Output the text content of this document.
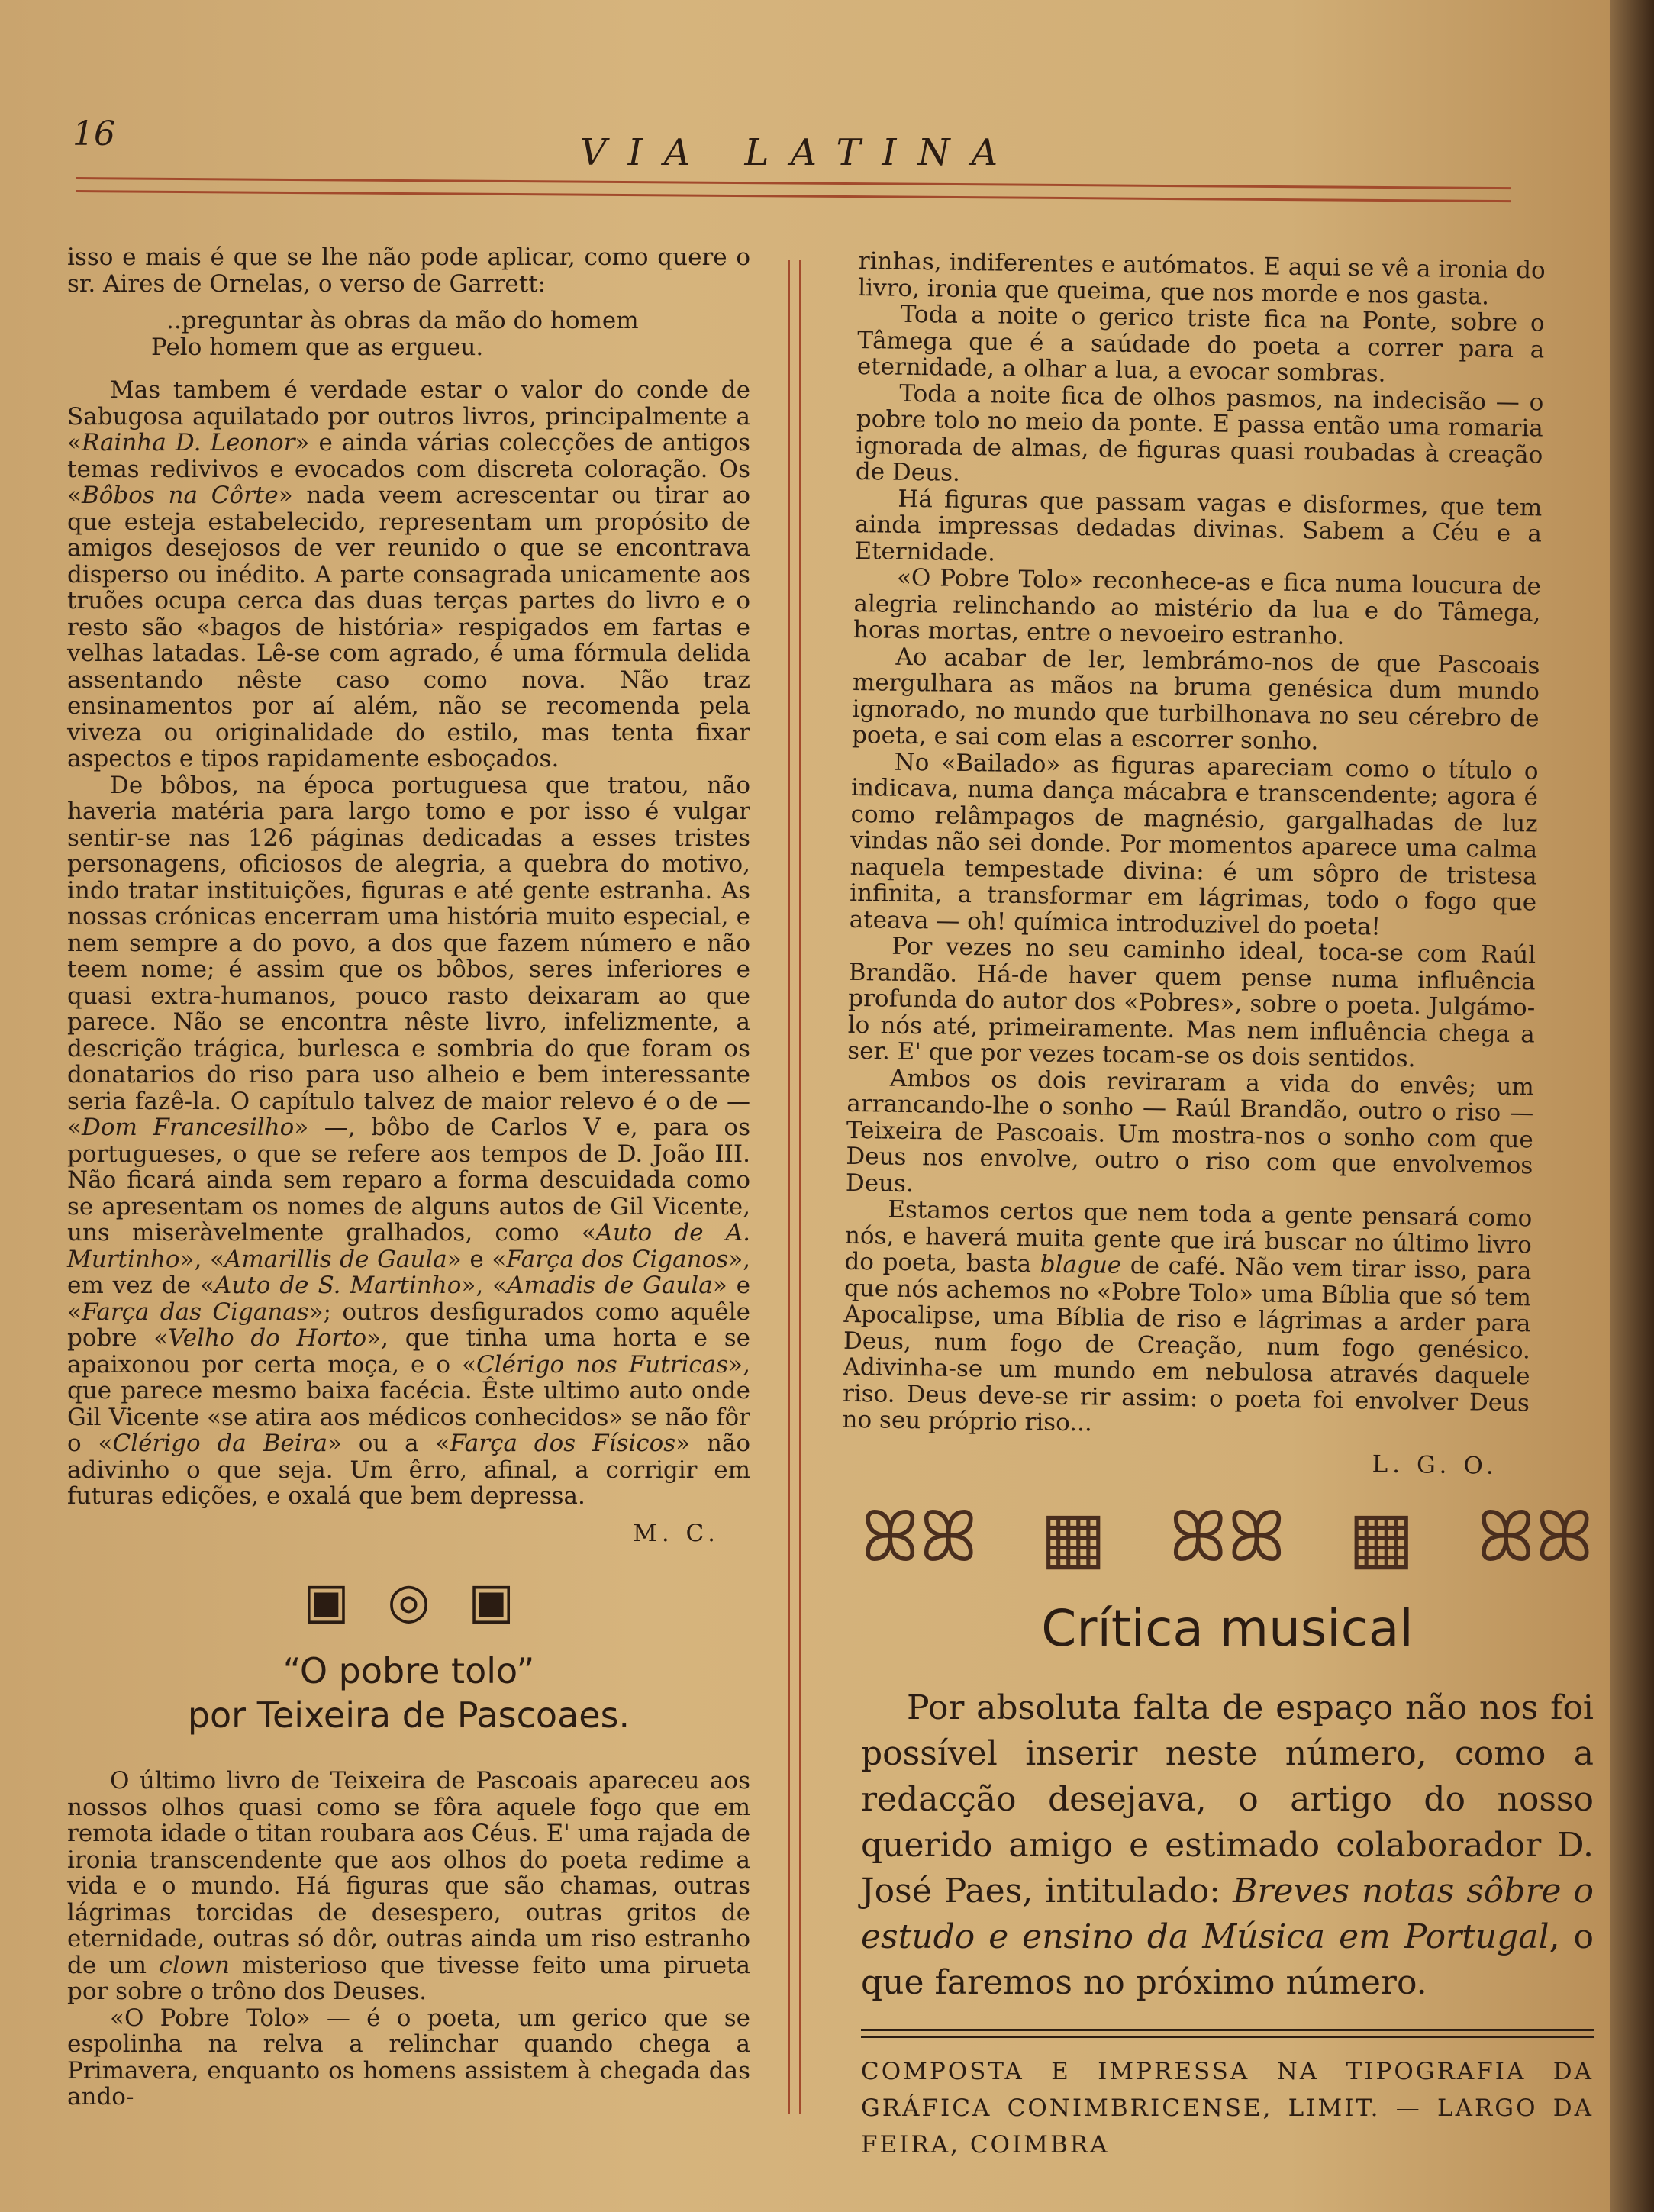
16	VIA LATINA

isso e mais é que se lhe não pode aplicar, como quere o sr. Aires de Ornelas, o verso de Garrett:

..preguntar às obras da mão do homem
Pelo homem que as ergueu.

Mas tambem é verdade estar o valor do conde de Sabugosa aquilatado por outros livros, principalmente a «Rainha D. Leonor» e ainda várias colecções de antigos temas redivivos e evocados com discreta coloração. Os «Bôbos na Côrte» nada veem acrescentar ou tirar ao que esteja estabelecido, representam um propósito de amigos desejosos de ver reunido o que se encontrava disperso ou inédito. A parte consagrada unicamente aos truões ocupa cerca das duas terças partes do livro e o resto são «bagos de história» respigados em fartas e velhas latadas. Lê-se com agrado, é uma fórmula delida assentando nêste caso como nova. Não traz ensinamentos por aí além, não se recomenda pela viveza ou originalidade do estilo, mas tenta fixar aspectos e tipos rapidamente esboçados.

De bôbos, na época portuguesa que tratou, não haveria matéria para largo tomo e por isso é vulgar sentir-se nas 126 páginas dedicadas a esses tristes personagens, oficiosos de alegria, a quebra do motivo, indo tratar instituições, figuras e até gente estranha. As nossas crónicas encerram uma história muito especial, e nem sempre a do povo, a dos que fazem número e não teem nome; é assim que os bôbos, seres inferiores e quasi extra-humanos, pouco rasto deixaram ao que parece. Não se encontra nêste livro, infelizmente, a descrição trágica, burlesca e sombria do que foram os donatarios do riso para uso alheio e bem interessante seria fazê-la. O capítulo talvez de maior relevo é o de — «Dom Francesilho» —, bôbo de Carlos V e, para os portugueses, o que se refere aos tempos de D. João III. Não ficará ainda sem reparo a forma descuidada como se apresentam os nomes de alguns autos de Gil Vicente, uns miseràvelmente gralhados, como «Auto de A. Murtinho», «Amarillis de Gaula» e «Farça dos Ciganos», em vez de «Auto de S. Martinho», «Amadis de Gaula» e «Farça das Ciganas»; outros desfigurados como aquêle pobre «Velho do Horto», que tinha uma horta e se apaixonou por certa moça, e o «Clérigo nos Futricas», que parece mesmo baixa facécia. Êste ultimo auto onde Gil Vicente «se atira aos médicos conhecidos» se não fôr o «Clérigo da Beira» ou a «Farça dos Físicos» não adivinho o que seja. Um êrro, afinal, a corrigir em futuras edições, e oxalá que bem depressa.

M. C.
▣ ◎ ▣
“O pobre tolo”
por Teixeira de Pascoaes.

O último livro de Teixeira de Pascoais apareceu aos nossos olhos quasi como se fôra aquele fogo que em remota idade o titan roubara aos Céus. E' uma rajada de ironia transcendente que aos olhos do poeta redime a vida e o mundo. Há figuras que são chamas, outras lágrimas torcidas de desespero, outras gritos de eternidade, outras só dôr, outras ainda um riso estranho de um clown misterioso que tivesse feito uma pirueta por sobre o trôno dos Deuses.

«O Pobre Tolo» — é o poeta, um gerico que se espolinha na relva a relinchar quando chega a Primavera, enquanto os homens assistem à chegada das ando-

rinhas, indiferentes e autómatos. E aqui se vê a ironia do livro, ironia que queima, que nos morde e nos gasta.

Toda a noite o gerico triste fica na Ponte, sobre o Tâmega que é a saúdade do poeta a correr para a eternidade, a olhar a lua, a evocar sombras.

Toda a noite fica de olhos pasmos, na indecisão — o pobre tolo no meio da ponte. E passa então uma romaria ignorada de almas, de figuras quasi roubadas à creação de Deus.

Há figuras que passam vagas e disformes, que tem ainda impressas dedadas divinas. Sabem a Céu e a Eternidade.

«O Pobre Tolo» reconhece-as e fica numa loucura de alegria relinchando ao mistério da lua e do Tâmega, horas mortas, entre o nevoeiro estranho.

Ao acabar de ler, lembrámo-nos de que Pascoais mergulhara as mãos na bruma genésica dum mundo ignorado, no mundo que turbilhonava no seu cérebro de poeta, e sai com elas a escorrer sonho.

No «Bailado» as figuras apareciam como o título o indicava, numa dança mácabra e transcendente; agora é como relâmpagos de magnésio, gargalhadas de luz vindas não sei donde. Por momentos aparece uma calma naquela tempestade divina: é um sôpro de tristesa infinita, a transformar em lágrimas, todo o fogo que ateava — oh! química introduzivel do poeta!

Por vezes no seu caminho ideal, toca-se com Raúl Brandão. Há-de haver quem pense numa influência profunda do autor dos «Pobres», sobre o poeta. Julgámo-lo nós até, primeiramente. Mas nem influência chega a ser. E' que por vezes tocam-se os dois sentidos.

Ambos os dois reviraram a vida do envês; um arrancando-lhe o sonho — Raúl Brandão, outro o riso — Teixeira de Pascoais. Um mostra-nos o sonho com que Deus nos envolve, outro o riso com que envolvemos Deus.

Estamos certos que nem toda a gente pensará como nós, e haverá muita gente que irá buscar no último livro do poeta, basta blague de café. Não vem tirar isso, para que nós achemos no «Pobre Tolo» uma Bíblia que só tem Apocalipse, uma Bíblia de riso e lágrimas a arder para Deus, num fogo de Creação, num fogo genésico. Adivinha-se um mundo em nebulosa através daquele riso. Deus deve-se rir assim: o poeta foi envolver Deus no seu próprio riso...

L. G. O.
ꕤꕤ ▦ ꕤꕤ ▦ ꕤꕤ
Crítica musical

Por absoluta falta de espaço não nos foi possível inserir neste número, como a redacção desejava, o artigo do nosso querido amigo e estimado colaborador D. José Paes, intitulado: Breves notas sôbre o estudo e ensino da Música em Portugal, o que faremos no próximo número.

COMPOSTA E IMPRESSA NA TIPOGRAFIA DA GRÁFICA CONIMBRICENSE, LIMIT. — LARGO DA FEIRA, COIMBRA
